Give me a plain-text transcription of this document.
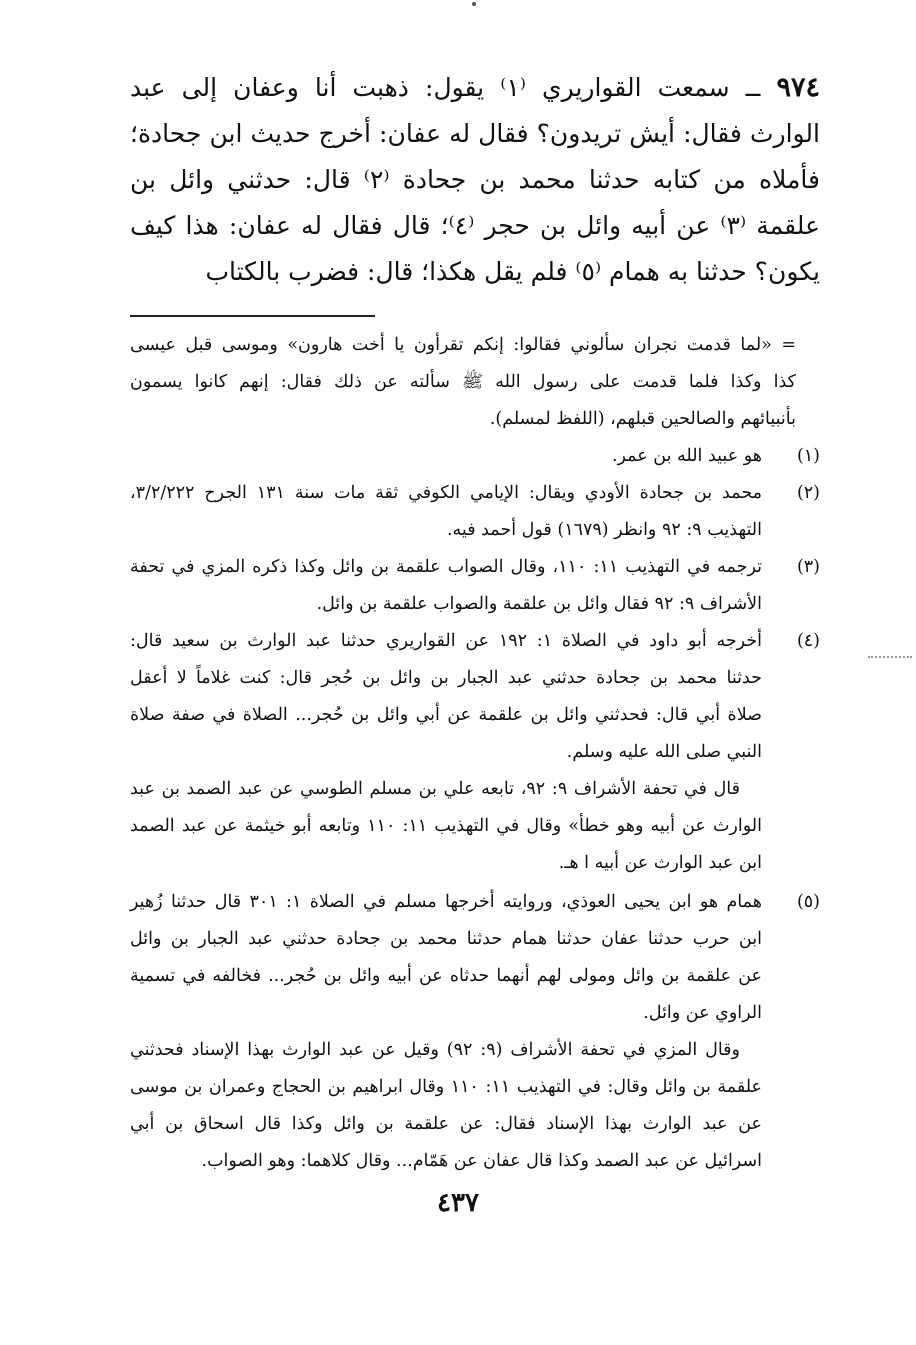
٩٧٤ ــ سمعت القواريري ⁽١⁾ يقول: ذهبت أنا وعفان إلى عبد

الوارث فقال: أيش تريدون؟ فقال له عفان: أخرج حديث ابن جحادة؛

فأملاه من كتابه حدثنا محمد بن جحادة ⁽٢⁾ قال: حدثني وائل بن

علقمة ⁽٣⁾ عن أبيه وائل بن حجر ⁽٤⁾؛ قال فقال له عفان: هذا كيف

يكون؟ حدثنا به همام ⁽٥⁾ فلم يقل هكذا؛ قال: فضرب بالكتاب

= «لما قدمت نجران سألوني فقالوا: إنكم تقرأون يا أخت هارون» وموسى قبل عيسى

كذا وكذا فلما قدمت على رسول الله ﷺ سألته عن ذلك فقال: إنهم كانوا يسمون

بأنبيائهم والصالحين قبلهم، (اللفظ لمسلم).

(١)
هو عبيد الله بن عمر.
(٢)
محمد بن جحادة الأودي ويقال: الإيامي الكوفي ثقة مات سنة ١٣١ الجرح ٣/٢/٢٢٢،
التهذيب ٩: ٩٢ وانظر (١٦٧٩) قول أحمد فيه.
(٣)
ترجمه في التهذيب ١١: ١١٠، وقال الصواب علقمة بن وائل وكذا ذكره المزي في تحفة
الأشراف ٩: ٩٢ فقال وائل بن علقمة والصواب علقمة بن وائل.
(٤)
أخرجه أبو داود في الصلاة ١: ١٩٢ عن القواريري حدثنا عبد الوارث بن سعيد قال:
حدثنا محمد بن جحادة حدثني عبد الجبار بن وائل بن حُجر قال: كنت غلاماً لا أعقل
صلاة أبي قال: فحدثني وائل بن علقمة عن أبي وائل بن حُجر... الصلاة في صفة صلاة
النبي صلى الله عليه وسلم.
قال في تحفة الأشراف ٩: ٩٢، تابعه علي بن مسلم الطوسي عن عبد الصمد بن عبد
الوارث عن أبيه وهو خطأ» وقال في التهذيب ١١: ١١٠ وتابعه أبو خيثمة عن عبد الصمد
ابن عبد الوارث عن أبيه ا هـ.
(٥)
همام هو ابن يحيى العوذي، وروايته أخرجها مسلم في الصلاة ١: ٣٠١ قال حدثنا زُهير
ابن حرب حدثنا عفان حدثنا همام حدثنا محمد بن جحادة حدثني عبد الجبار بن وائل
عن علقمة بن وائل ومولى لهم أنهما حدثاه عن أبيه وائل بن حُجر... فخالفه في تسمية
الراوي عن وائل.
وقال المزي في تحفة الأشراف (٩: ٩٢) وقيل عن عبد الوارث بهذا الإسناد فحدثني
علقمة بن وائل وقال: في التهذيب ١١: ١١٠ وقال ابراهيم بن الحجاج وعمران بن موسى
عن عبد الوارث بهذا الإسناد فقال: عن علقمة بن وائل وكذا قال اسحاق بن أبي
اسرائيل عن عبد الصمد وكذا قال عفان عن هَمّام... وقال كلاهما: وهو الصواب.
٤٣٧
